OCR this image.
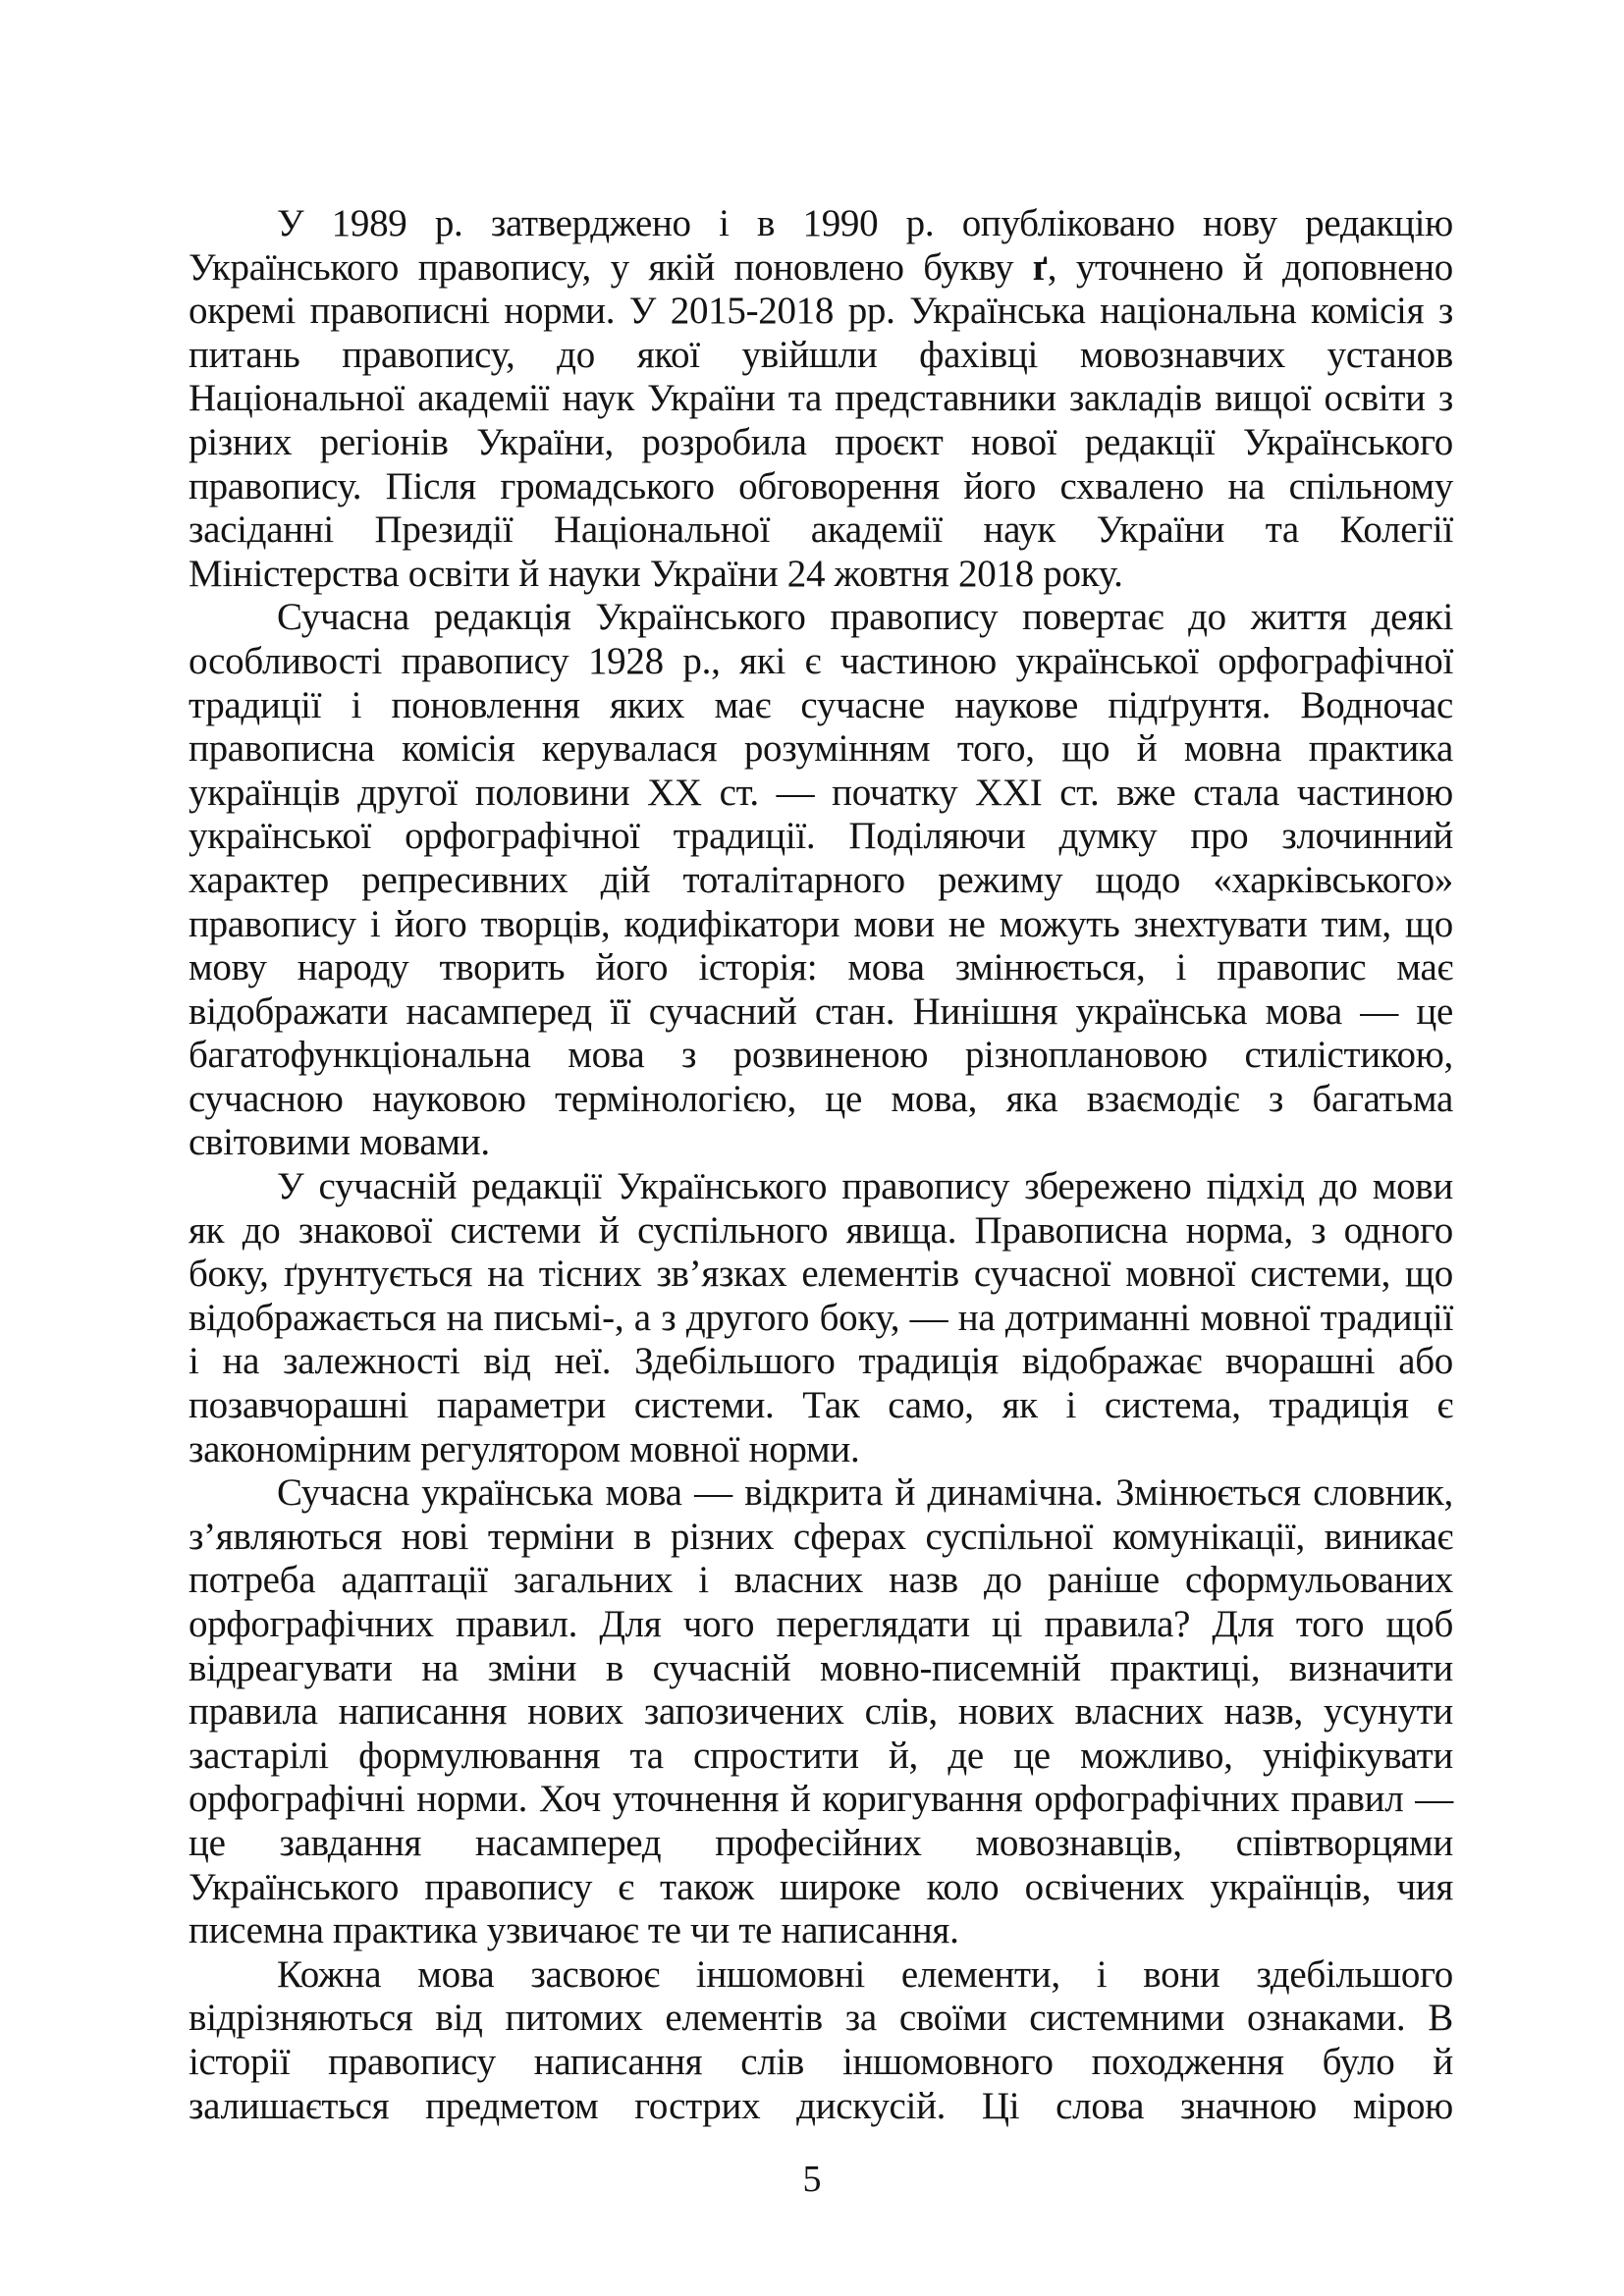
У 1989 р. затверджено і в 1990 р. опубліковано нову редакцію
Українського правопису, у якій поновлено букву ґ, уточнено й доповнено
окремі правописні норми. У 2015-2018 рр. Українська національна комісія з
питань правопису, до якої увійшли фахівці мовознавчих установ
Національної академії наук України та представники закладів вищої освіти з
різних регіонів України, розробила проєкт нової редакції Українського
правопису. Після громадського обговорення його схвалено на спільному
засіданні Президії Національної академії наук України та Колегії
Міністерства освіти й науки України 24 жовтня 2018 року.
Сучасна редакція Українського правопису повертає до життя деякі
особливості правопису 1928 р., які є частиною української орфографічної
традиції і поновлення яких має сучасне наукове підґрунтя. Водночас
правописна комісія керувалася розумінням того, що й мовна практика
українців другої половини XX ст. — початку XXI ст. вже стала частиною
української орфографічної традиції. Поділяючи думку про злочинний
характер репресивних дій тоталітарного режиму щодо «харківського»
правопису і його творців, кодифікатори мови не можуть знехтувати тим, що
мову народу творить його історія: мова змінюється, і правопис має
відображати насамперед її сучасний стан. Нинішня українська мова — це
багатофункціональна мова з розвиненою різноплановою стилістикою,
сучасною науковою термінологією, це мова, яка взаємодіє з багатьма
світовими мовами.
У сучасній редакції Українського правопису збережено підхід до мови
як до знакової системи й суспільного явища. Правописна норма, з одного
боку, ґрунтується на тісних зв’язках елементів сучасної мовної системи, що
відображається на письмі-, а з другого боку, — на дотриманні мовної традиції
і на залежності від неї. Здебільшого традиція відображає вчорашні або
позавчорашні параметри системи. Так само, як і система, традиція є
закономірним регулятором мовної норми.
Сучасна українська мова — відкрита й динамічна. Змінюється словник,
з’являються нові терміни в різних сферах суспільної комунікації, виникає
потреба адаптації загальних і власних назв до раніше сформульованих
орфографічних правил. Для чого переглядати ці правила? Для того щоб
відреагувати на зміни в сучасній мовно-писемній практиці, визначити
правила написання нових запозичених слів, нових власних назв, усунути
застарілі формулювання та спростити й, де це можливо, уніфікувати
орфографічні норми. Хоч уточнення й коригування орфографічних правил —
це завдання насамперед професійних мовознавців, співтворцями
Українського правопису є також широке коло освічених українців, чия
писемна практика узвичаює те чи те написання.
Кожна мова засвоює іншомовні елементи, і вони здебільшого
відрізняються від питомих елементів за своїми системними ознаками. В
історії правопису написання слів іншомовного походження було й
залишається предметом гострих дискусій. Ці слова значною мірою
5
